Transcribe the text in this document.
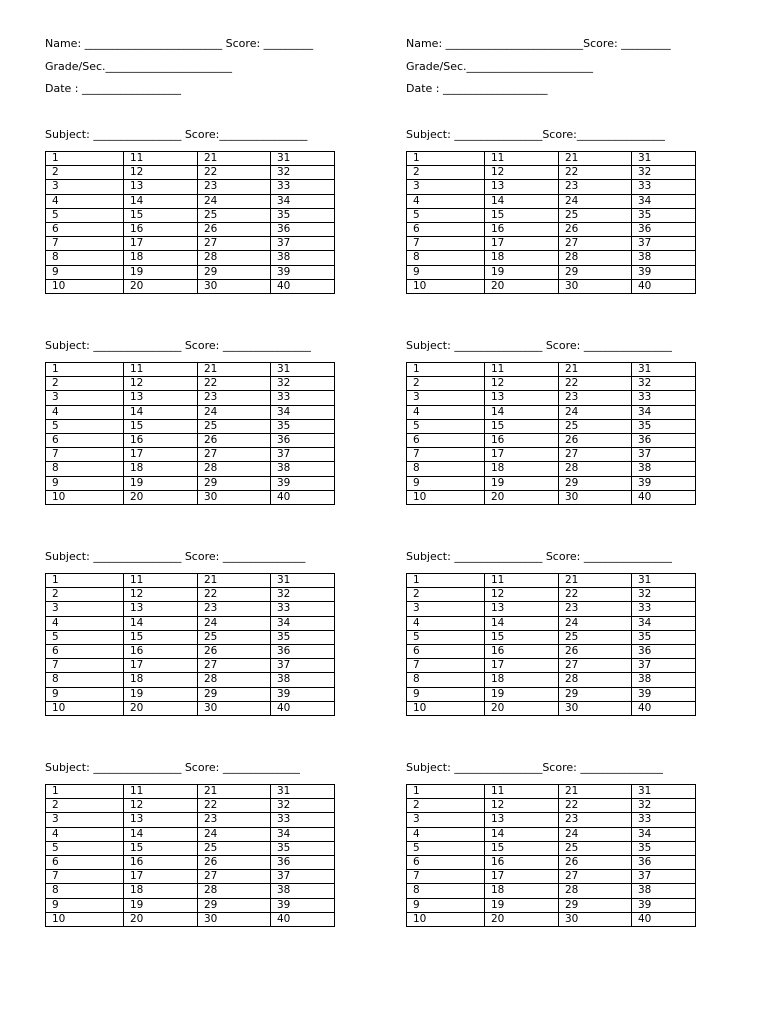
Name: _________________________ Score: _________
Grade/Sec._______________________
Date : __________________
Name: _________________________Score: _________
Grade/Sec._______________________
Date : ___________________
Subject: ________________ Score:________________
1	11	21	31
2	12	22	32
3	13	23	33
4	14	24	34
5	15	25	35
6	16	26	36
7	17	27	37
8	18	28	38
9	19	29	39
10	20	30	40
Subject: ________________Score:________________
1	11	21	31
2	12	22	32
3	13	23	33
4	14	24	34
5	15	25	35
6	16	26	36
7	17	27	37
8	18	28	38
9	19	29	39
10	20	30	40
Subject: ________________ Score: ________________
1	11	21	31
2	12	22	32
3	13	23	33
4	14	24	34
5	15	25	35
6	16	26	36
7	17	27	37
8	18	28	38
9	19	29	39
10	20	30	40
Subject: ________________ Score: ________________
1	11	21	31
2	12	22	32
3	13	23	33
4	14	24	34
5	15	25	35
6	16	26	36
7	17	27	37
8	18	28	38
9	19	29	39
10	20	30	40
Subject: ________________ Score: _______________
1	11	21	31
2	12	22	32
3	13	23	33
4	14	24	34
5	15	25	35
6	16	26	36
7	17	27	37
8	18	28	38
9	19	29	39
10	20	30	40
Subject: ________________ Score: ________________
1	11	21	31
2	12	22	32
3	13	23	33
4	14	24	34
5	15	25	35
6	16	26	36
7	17	27	37
8	18	28	38
9	19	29	39
10	20	30	40
Subject: ________________ Score: ______________
1	11	21	31
2	12	22	32
3	13	23	33
4	14	24	34
5	15	25	35
6	16	26	36
7	17	27	37
8	18	28	38
9	19	29	39
10	20	30	40
Subject: ________________Score: _______________
1	11	21	31
2	12	22	32
3	13	23	33
4	14	24	34
5	15	25	35
6	16	26	36
7	17	27	37
8	18	28	38
9	19	29	39
10	20	30	40
